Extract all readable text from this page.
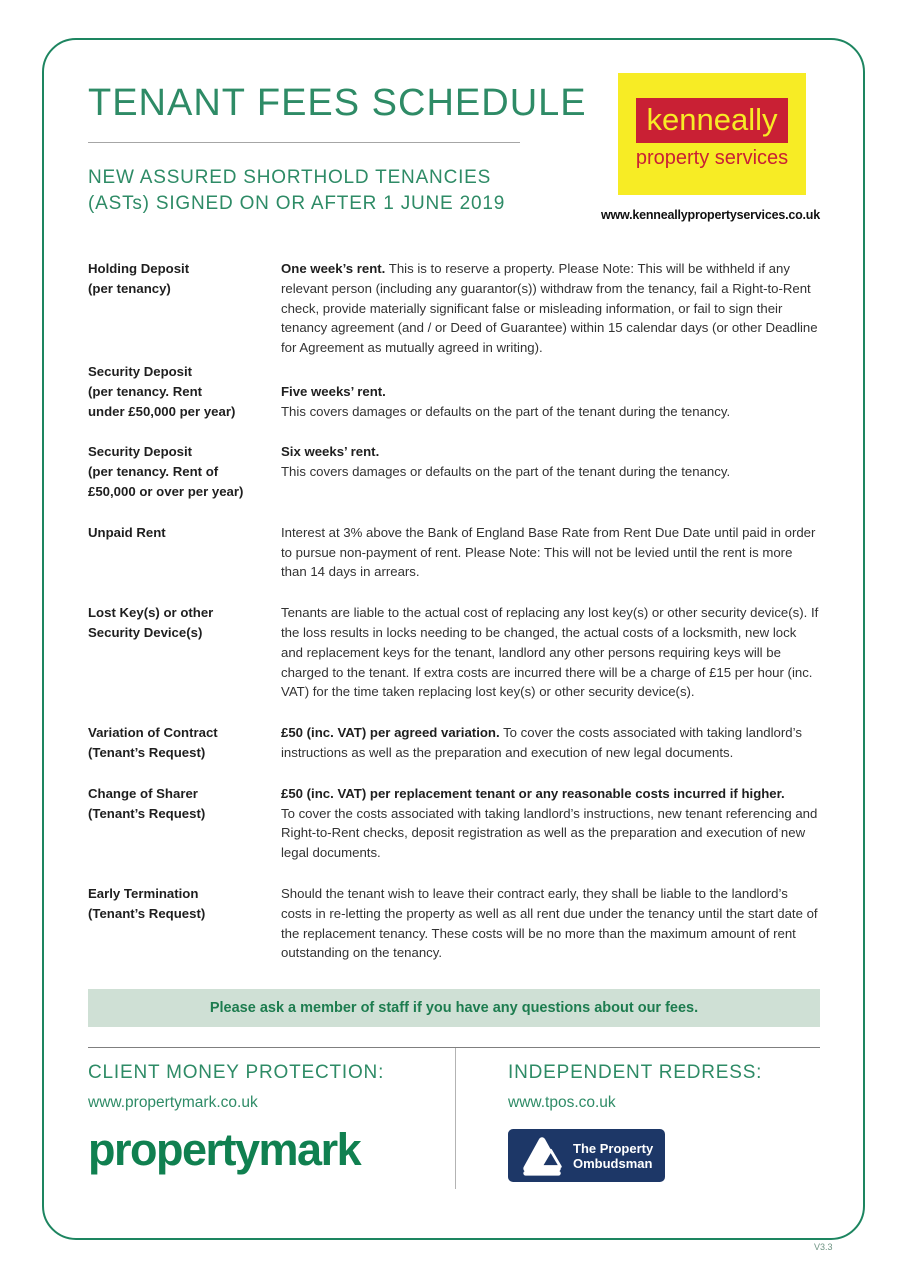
TENANT FEES SCHEDULE
NEW ASSURED SHORTHOLD TENANCIES
(ASTs) SIGNED ON OR AFTER 1 JUNE 2019
kenneally
property services
www.kenneallypropertyservices.co.uk
Holding Deposit
(per tenancy)
One week’s rent. This is to reserve a property. Please Note: This will be withheld if any relevant person (including any guarantor(s)) withdraw from the tenancy, fail a Right-to-Rent check, provide materially significant false or misleading information, or fail to sign their tenancy agreement (and / or Deed of Guarantee) within 15 calendar days (or other Deadline for Agreement as mutually agreed in writing).
Security Deposit
(per tenancy. Rent
under £50,000 per year)
Five weeks’ rent.
This covers damages or defaults on the part of the tenant during the tenancy.
Security Deposit
(per tenancy. Rent of
£50,000 or over per year)
Six weeks’ rent.
This covers damages or defaults on the part of the tenant during the tenancy.
Unpaid Rent	Interest at 3% above the Bank of England Base Rate from Rent Due Date until paid in order to pursue non-payment of rent. Please Note: This will not be levied until the rent is more than 14 days in arrears.
Lost Key(s) or other
Security Device(s)
Tenants are liable to the actual cost of replacing any lost key(s) or other security device(s). If the loss results in locks needing to be changed, the actual costs of a locksmith, new lock and replacement keys for the tenant, landlord any other persons requiring keys will be charged to the tenant. If extra costs are incurred there will be a charge of £15 per hour (inc. VAT) for the time taken replacing lost key(s) or other security device(s).
Variation of Contract
(Tenant’s Request)
£50 (inc. VAT) per agreed variation. To cover the costs associated with taking landlord’s instructions as well as the preparation and execution of new legal documents.
Change of Sharer
(Tenant’s Request)
£50 (inc. VAT) per replacement tenant or any reasonable costs incurred if higher.
To cover the costs associated with taking landlord’s instructions, new tenant referencing and Right-to-Rent checks, deposit registration as well as the preparation and execution of new legal documents.
Early Termination
(Tenant’s Request)
Should the tenant wish to leave their contract early, they shall be liable to the landlord’s costs in re-letting the property as well as all rent due under the tenancy until the start date of the replacement tenancy. These costs will be no more than the maximum amount of rent outstanding on the tenancy.
Please ask a member of staff if you have any questions about our fees.
CLIENT MONEY PROTECTION:
www.propertymark.co.uk
propertymark
INDEPENDENT REDRESS:
www.tpos.co.uk
The Property
Ombudsman
V3.3
